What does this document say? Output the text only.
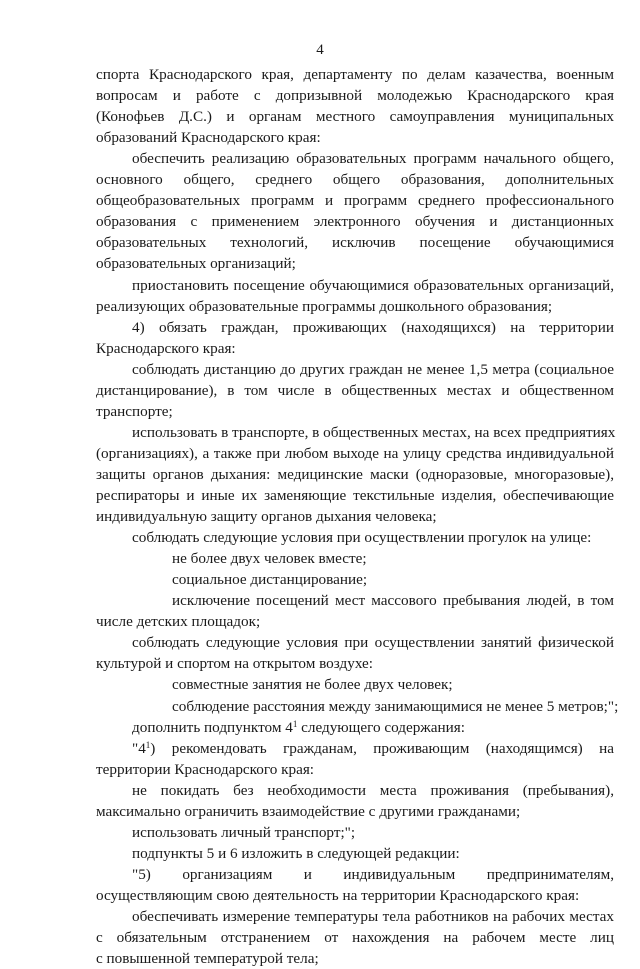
4
спорта Краснодарского края, департаменту по делам казачества, военным
вопросам и работе с допризывной молодежью Краснодарского края
(Конофьев Д.С.) и органам местного самоуправления муниципальных
образований Краснодарского края:
обеспечить реализацию образовательных программ начального общего,
основного общего, среднего общего образования, дополнительных
общеобразовательных программ и программ среднего профессионального
образования с применением электронного обучения и дистанционных
образовательных технологий, исключив посещение обучающимися
образовательных организаций;
приостановить посещение обучающимися образовательных организаций,
реализующих образовательные программы дошкольного образования;
4) обязать граждан, проживающих (находящихся) на территории
Краснодарского края:
соблюдать дистанцию до других граждан не менее 1,5 метра (социальное
дистанцирование), в том числе в общественных местах и общественном
транспорте;
использовать в транспорте, в общественных местах, на всех предприятиях
(организациях), а также при любом выходе на улицу средства индивидуальной
защиты органов дыхания: медицинские маски (одноразовые, многоразовые),
респираторы и иные их заменяющие текстильные изделия, обеспечивающие
индивидуальную защиту органов дыхания человека;
соблюдать следующие условия при осуществлении прогулок на улице:
не более двух человек вместе;
социальное дистанцирование;
исключение посещений мест массового пребывания людей, в том
числе детских площадок;
соблюдать следующие условия при осуществлении занятий физической
культурой и спортом на открытом воздухе:
совместные занятия не более двух человек;
соблюдение расстояния между занимающимися не менее 5 метров;";
дополнить подпунктом $4^1$ следующего содержания:
"$4^1$) рекомендовать гражданам, проживающим (находящимся) на
территории Краснодарского края:
не покидать без необходимости места проживания (пребывания),
максимально ограничить взаимодействие с другими гражданами;
использовать личный транспорт;";
подпункты 5 и 6 изложить в следующей редакции:
"5) организациям и индивидуальным предпринимателям,
осуществляющим свою деятельность на территории Краснодарского края:
обеспечивать измерение температуры тела работников на рабочих местах
с обязательным отстранением от нахождения на рабочем месте лиц
с повышенной температурой тела;
